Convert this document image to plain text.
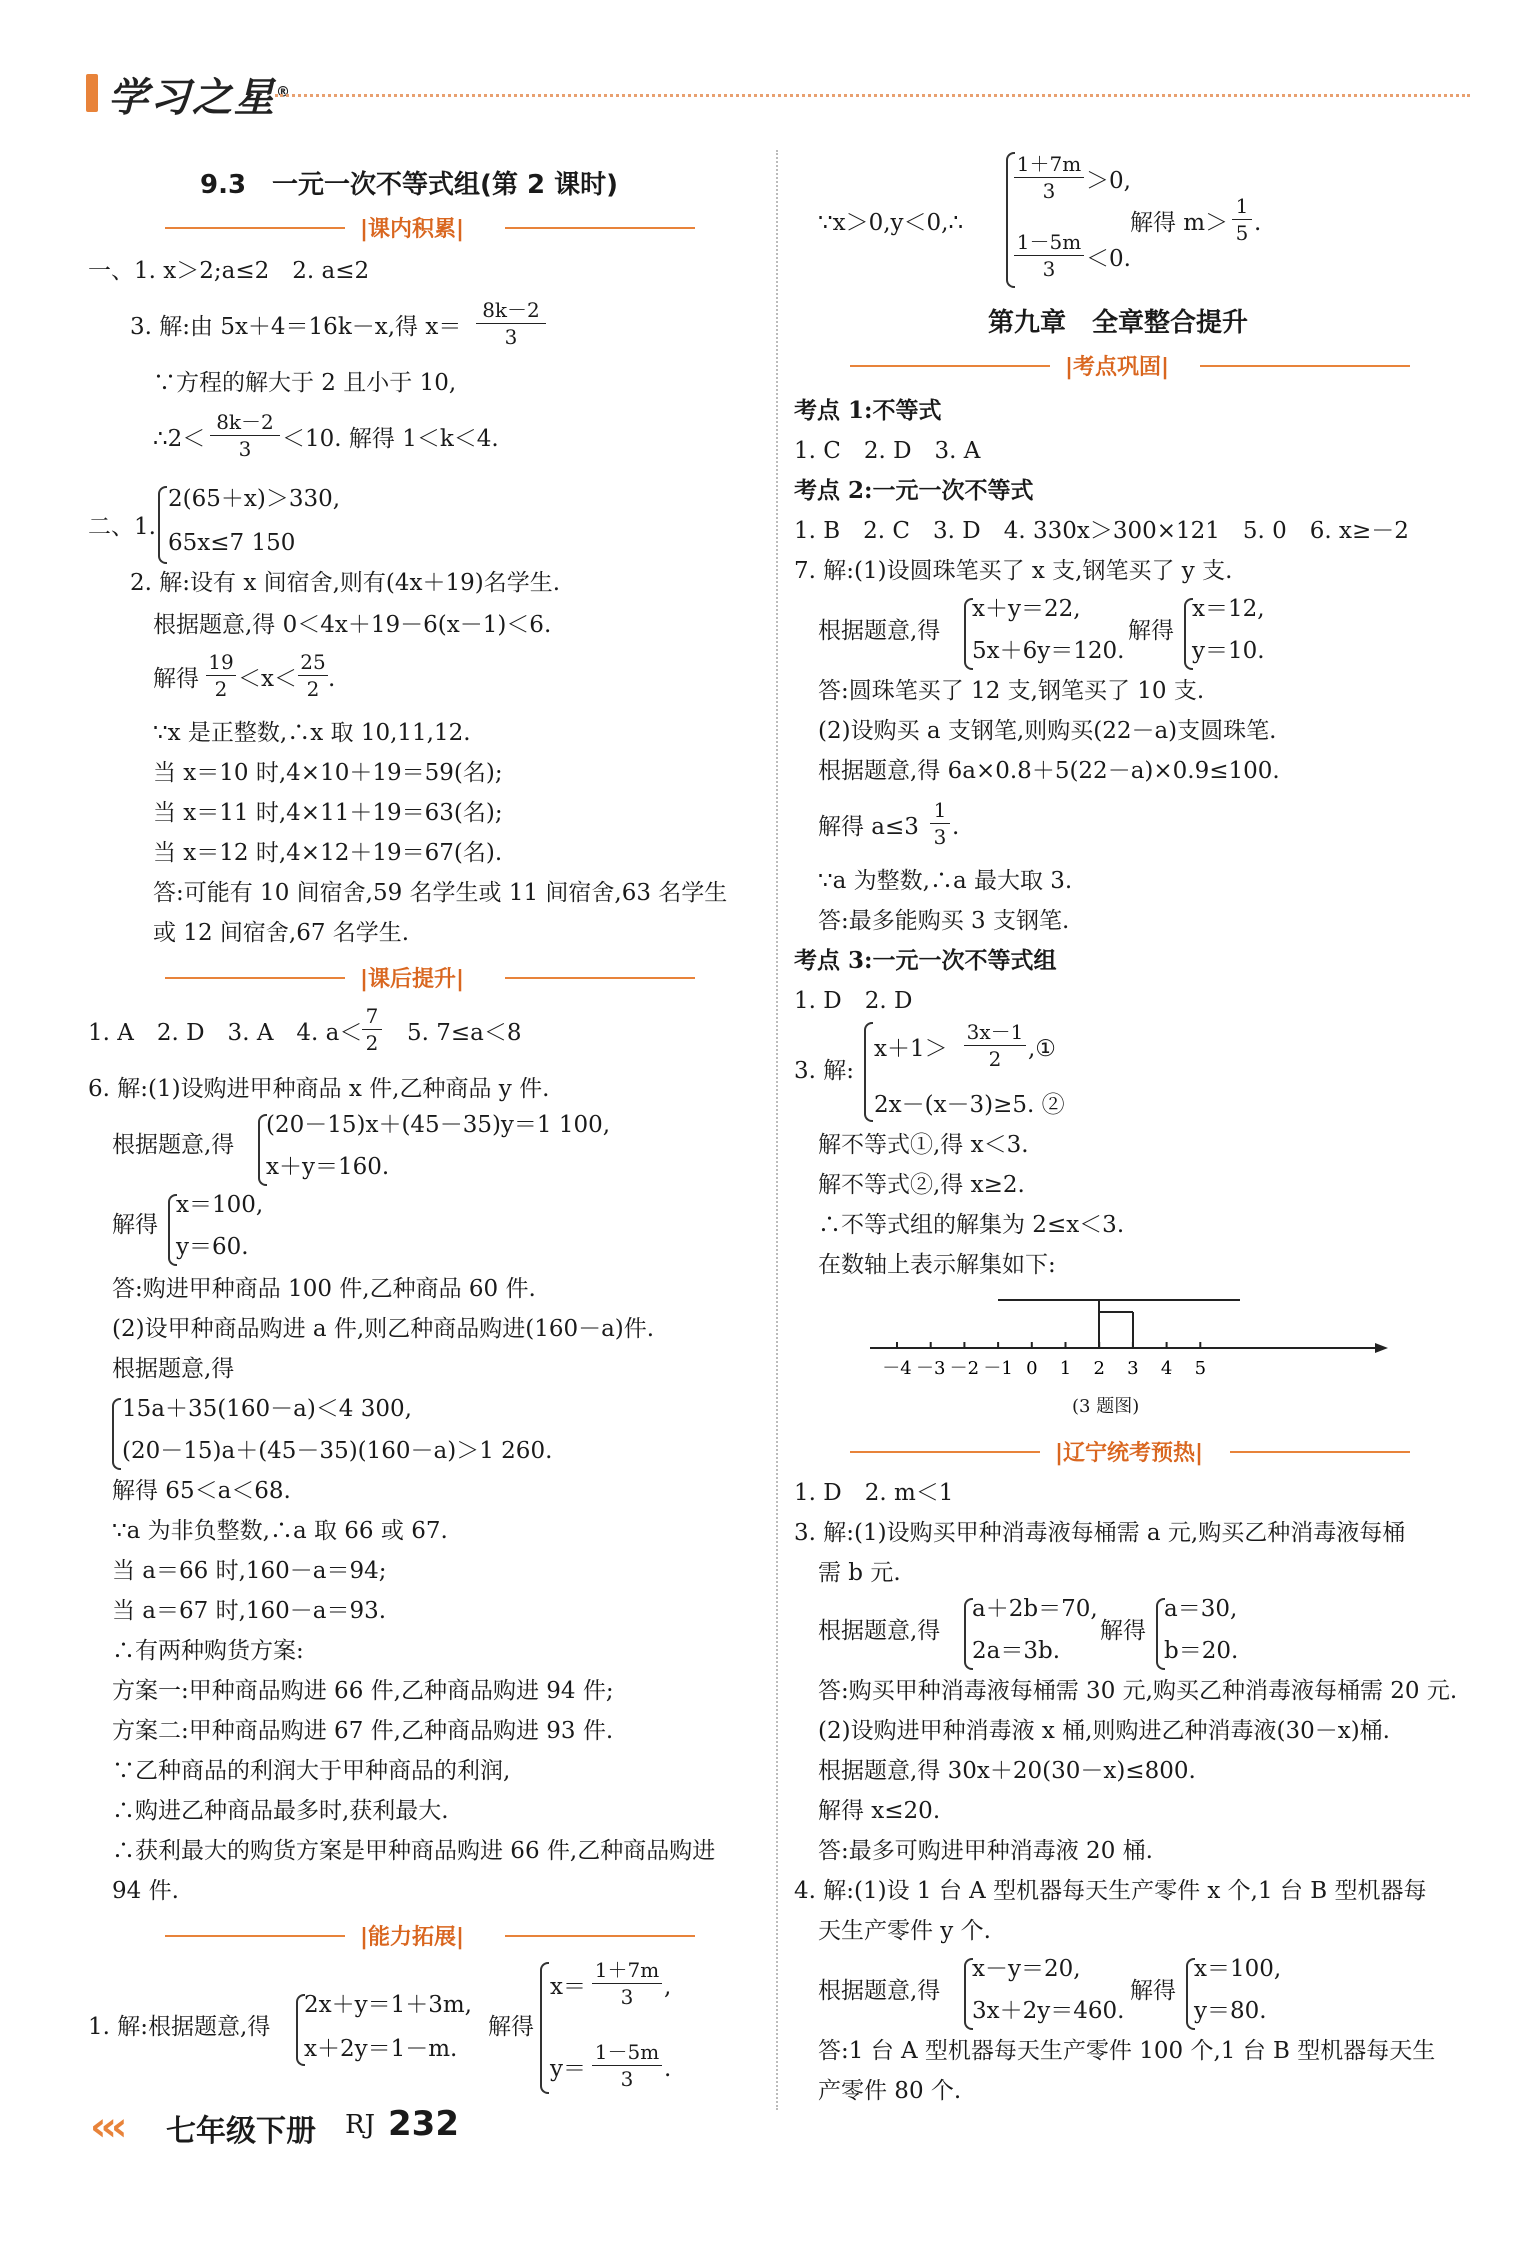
学习之星®
9.3　一元一次不等式组(第 2 课时)
|课内积累|
一、1. x＞2;a≤2　2. a≤2
3. 解:由 5x＋4＝16k－x,得 x＝
8k－2
3
∵方程的解大于 2 且小于 10,
∴2＜
8k－2
3	＜10. 解得 1＜k＜4.
二、1.
2(65＋x)＞330,
65x≤7 150
2. 解:设有 x 间宿舍,则有(4x＋19)名学生.
根据题意,得 0＜4x＋19－6(x－1)＜6.
解得
19
2 ＜x＜
25
2 .
∵x 是正整数,∴x 取 10,11,12.
当 x＝10 时,4×10＋19＝59(名);
当 x＝11 时,4×11＋19＝63(名);
当 x＝12 时,4×12＋19＝67(名).
答:可能有 10 间宿舍,59 名学生或 11 间宿舍,63 名学生
或 12 间宿舍,67 名学生.
|课后提升|
1. A　2. D　3. A　4. a＜
7
2 　5. 7≤a＜8
6. 解:(1)设购进甲种商品 x 件,乙种商品 y 件.
根据题意,得
(20－15)x＋(45－35)y＝1 100,
x＋y＝160.
解得
x＝100,
y＝60.
答:购进甲种商品 100 件,乙种商品 60 件.
(2)设甲种商品购进 a 件,则乙种商品购进(160－a)件.
根据题意,得
15a＋35(160－a)＜4 300,
(20－15)a＋(45－35)(160－a)＞1 260.
解得 65＜a＜68.
∵a 为非负整数,∴a 取 66 或 67.
当 a＝66 时,160－a＝94;
当 a＝67 时,160－a＝93.
∴有两种购货方案:
方案一:甲种商品购进 66 件,乙种商品购进 94 件;
方案二:甲种商品购进 67 件,乙种商品购进 93 件.
∵乙种商品的利润大于甲种商品的利润,
∴购进乙种商品最多时,获利最大.
∴获利最大的购货方案是甲种商品购进 66 件,乙种商品购进
94 件.
|能力拓展|
1. 解:根据题意,得
2x＋y＝1＋3m,
x＋2y＝1－m.
解得
x＝
1＋7m
3	,
y＝
1－5m
3	.
∵x＞0,y＜0,∴
1＋7m
3	＞0,
1－5m
3	＜0.
解得 m＞
1
5 .
第九章　全章整合提升
|考点巩固|
考点 1:不等式
1. C　2. D　3. A
考点 2:一元一次不等式
1. B　2. C　3. D　4. 330x＞300×121　5. 0　6. x≥－2
7. 解:(1)设圆珠笔买了 x 支,钢笔买了 y 支.
根据题意,得
x＋y＝22,
5x＋6y＝120.
解得
x＝12,
y＝10.
答:圆珠笔买了 12 支,钢笔买了 10 支.
(2)设购买 a 支钢笔,则购买(22－a)支圆珠笔.
根据题意,得 6a×0.8＋5(22－a)×0.9≤100.
解得 a≤3
1
3 .
∵a 为整数,∴a 最大取 3.
答:最多能购买 3 支钢笔.
考点 3:一元一次不等式组
1. D　2. D
3. 解:
x＋1＞
3x－1
2	,①
2x－(x－3)≥5. ②
解不等式①,得 x＜3.
解不等式②,得 x≥2.
∴不等式组的解集为 2≤x＜3.
在数轴上表示解集如下:
－4 －3 －2 －1 0 1 2 3 4 5
(3 题图)
|辽宁统考预热|
1. D　2. m＜1
3. 解:(1)设购买甲种消毒液每桶需 a 元,购买乙种消毒液每桶
需 b 元.
根据题意,得
a＋2b＝70,
2a＝3b.
解得
a＝30,
b＝20.
答:购买甲种消毒液每桶需 30 元,购买乙种消毒液每桶需 20 元.
(2)设购进甲种消毒液 x 桶,则购进乙种消毒液(30－x)桶.
根据题意,得 30x＋20(30－x)≤800.
解得 x≤20.
答:最多可购进甲种消毒液 20 桶.
4. 解:(1)设 1 台 A 型机器每天生产零件 x 个,1 台 B 型机器每
天生产零件 y 个.
根据题意,得
x－y＝20,
3x＋2y＝460.
解得
x＝100,
y＝80.
答:1 台 A 型机器每天生产零件 100 个,1 台 B 型机器每天生
产零件 80 个.
‹‹‹ 七年级下册 RJ 232
